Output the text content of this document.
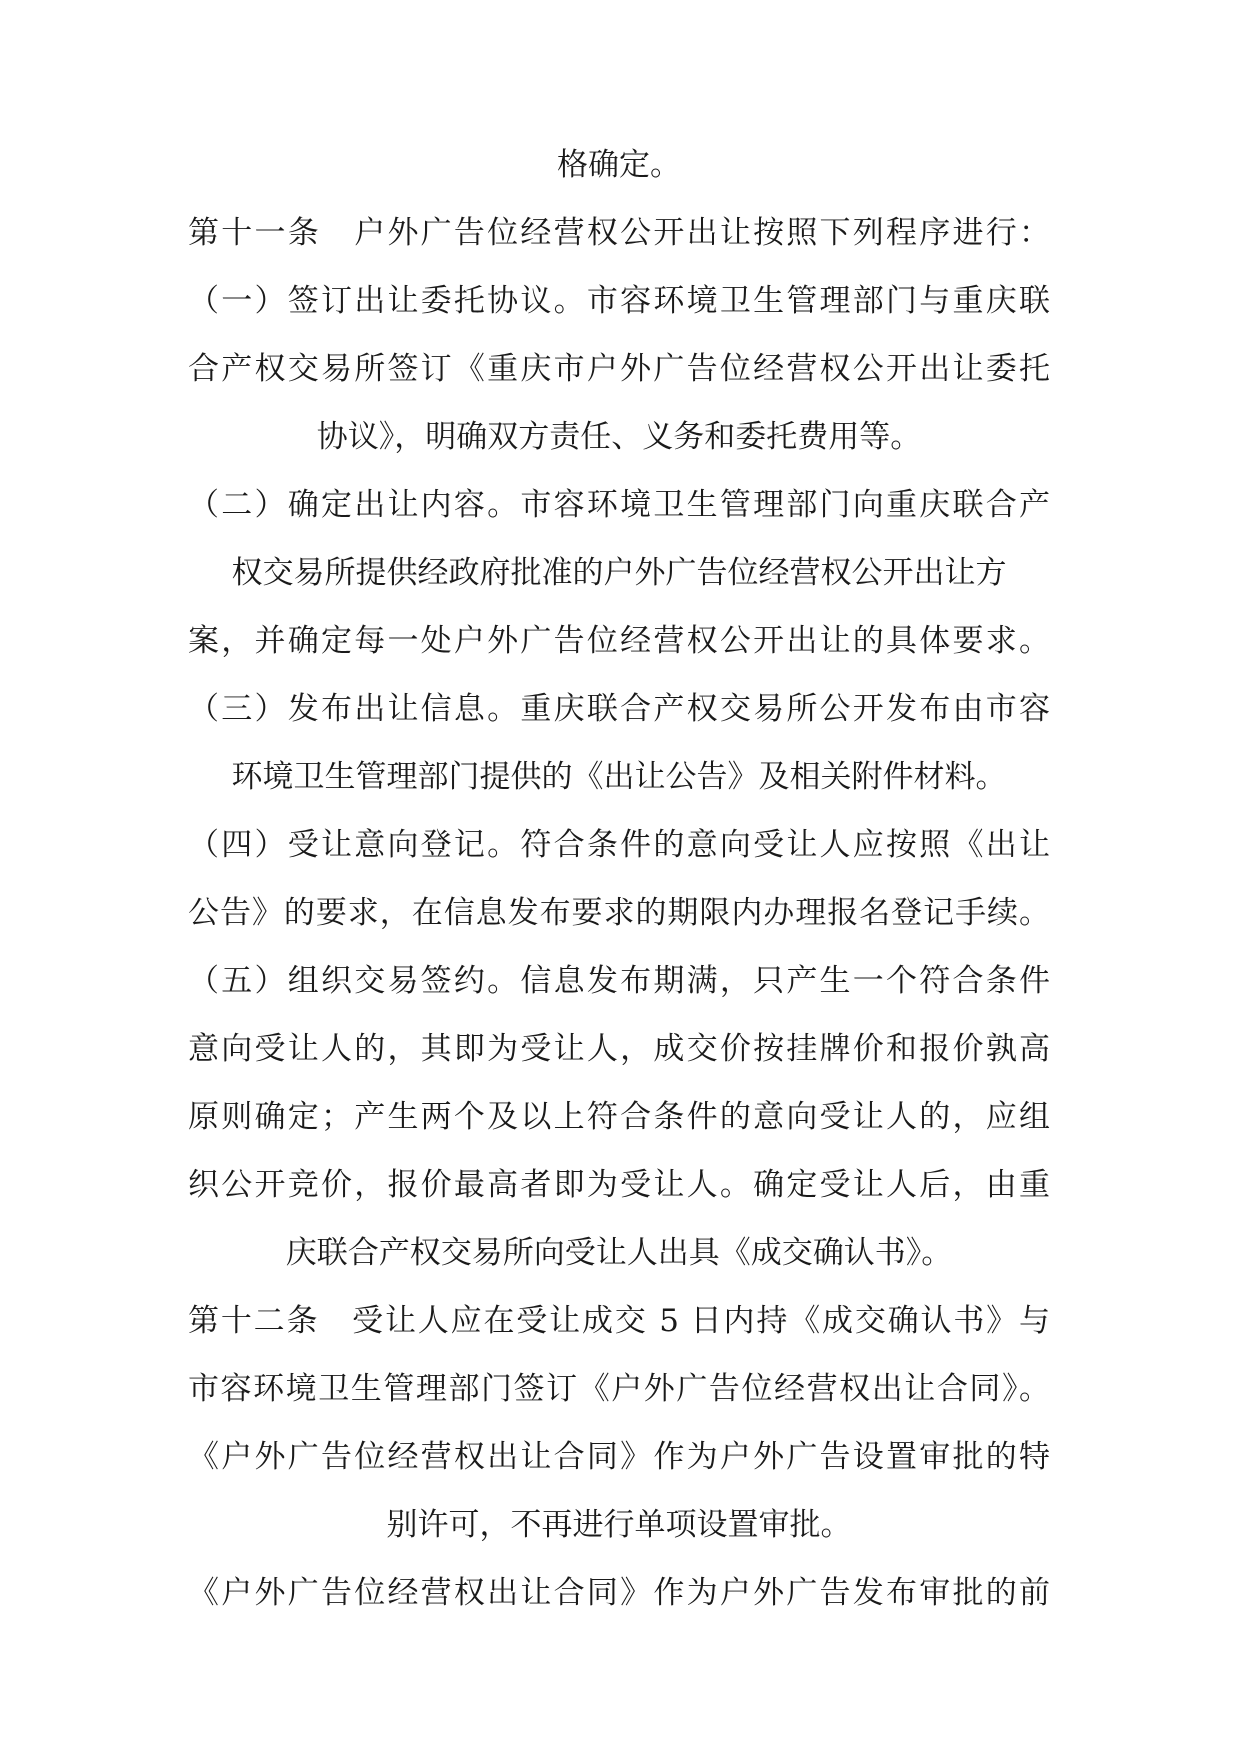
格确定。
第十一条　户外广告位经营权公开出让按照下列程序进行：
（一）签订出让委托协议。市容环境卫生管理部门与重庆联
合产权交易所签订《重庆市户外广告位经营权公开出让委托
协议》，明确双方责任、义务和委托费用等。
（二）确定出让内容。市容环境卫生管理部门向重庆联合产
权交易所提供经政府批准的户外广告位经营权公开出让方
案，并确定每一处户外广告位经营权公开出让的具体要求。
（三）发布出让信息。重庆联合产权交易所公开发布由市容
环境卫生管理部门提供的《出让公告》及相关附件材料。
（四）受让意向登记。符合条件的意向受让人应按照《出让
公告》的要求，在信息发布要求的期限内办理报名登记手续。
（五）组织交易签约。信息发布期满，只产生一个符合条件
意向受让人的，其即为受让人，成交价按挂牌价和报价孰高
原则确定；产生两个及以上符合条件的意向受让人的，应组
织公开竞价，报价最高者即为受让人。确定受让人后，由重
庆联合产权交易所向受让人出具《成交确认书》。
第十二条　受让人应在受让成交 5 日内持《成交确认书》与
市容环境卫生管理部门签订《户外广告位经营权出让合同》。
《户外广告位经营权出让合同》作为户外广告设置审批的特
别许可，不再进行单项设置审批。
《户外广告位经营权出让合同》作为户外广告发布审批的前
